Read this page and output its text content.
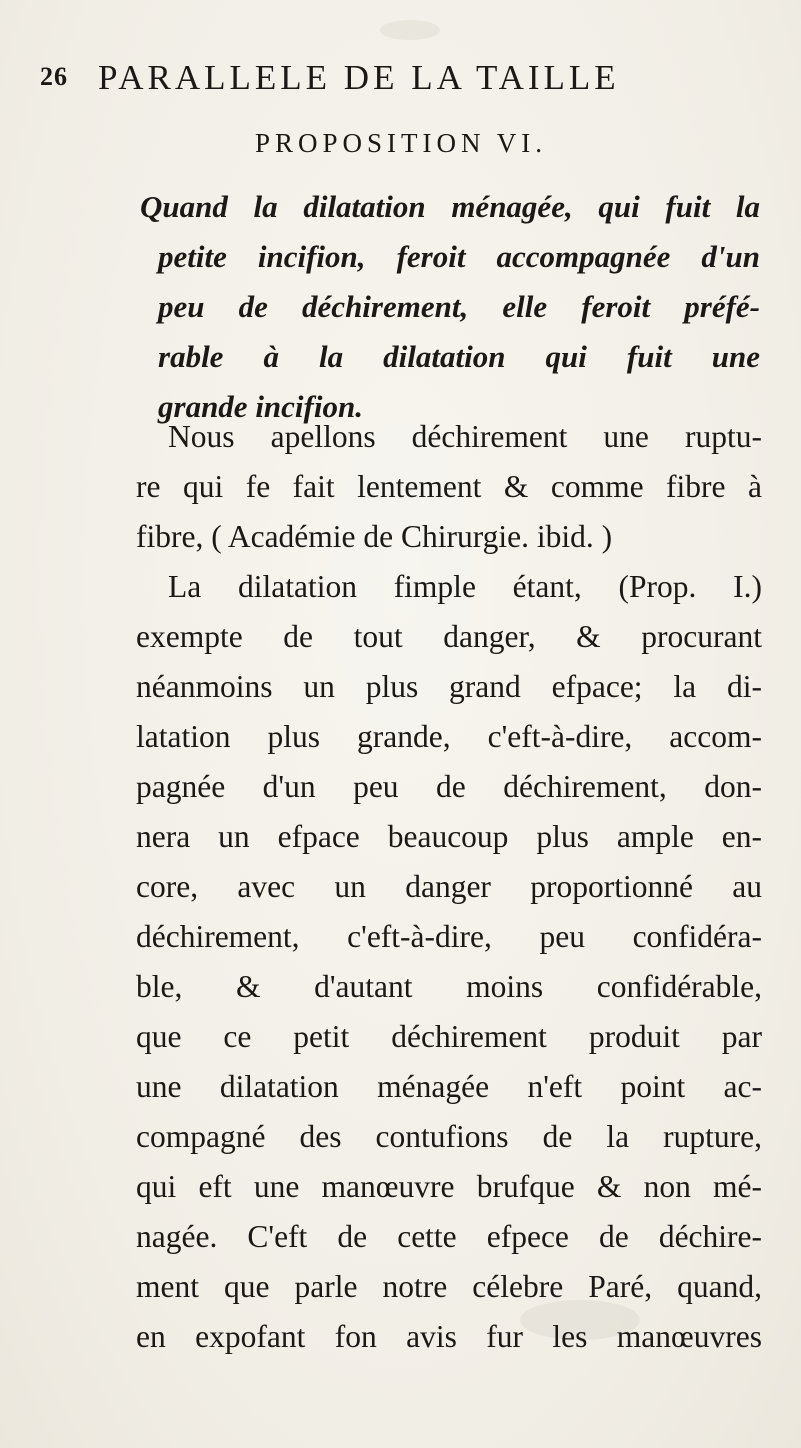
26 PARALLELE DE LA TAILLE
PROPOSITION VI.
Quand la dilatation ménagée, qui fuit la
petite incifion, feroit accompagnée d'un
peu de déchirement, elle feroit préfé-
rable à la dilatation qui fuit une
grande incifion.
Nous apellons déchirement une ruptu-
re qui fe fait lentement & comme fibre à
fibre, ( Académie de Chirurgie. ibid. )
La dilatation fimple étant, (Prop. I.)
exempte de tout danger, & procurant
néanmoins un plus grand efpace; la di-
latation plus grande, c'eft-à-dire, accom-
pagnée d'un peu de déchirement, don-
nera un efpace beaucoup plus ample en-
core, avec un danger proportionné au
déchirement, c'eft-à-dire, peu confidéra-
ble, & d'autant moins confidérable,
que ce petit déchirement produit par
une dilatation ménagée n'eft point ac-
compagné des contufions de la rupture,
qui eft une manœuvre brufque & non mé-
nagée. C'eft de cette efpece de déchire-
ment que parle notre célebre Paré, quand,
en expofant fon avis fur les manœuvres
